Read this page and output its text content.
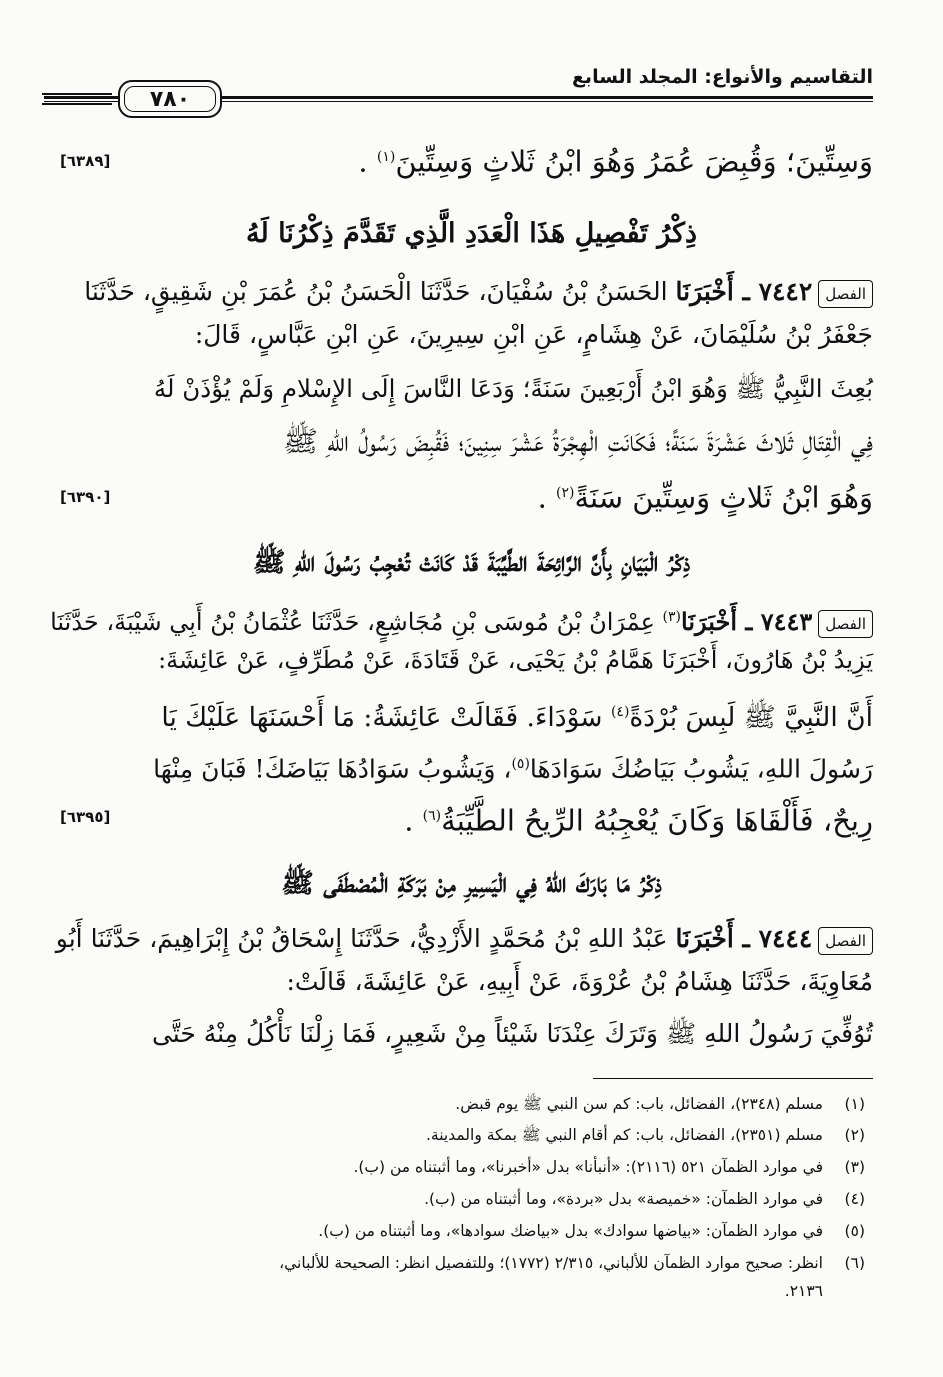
التقاسيم والأنواع: المجلد السابع
٧٨٠
وَسِتِّينَ؛ وَقُبِضَ عُمَرُ وَهُوَ ابْنُ ثَلاثٍ وَسِتِّينَ$^{(١)}$ .
[٦٣٨٩]
ذِكْرُ تَفْصِيلِ هَذَا الْعَدَدِ الَّذِي تَقَدَّمَ ذِكْرُنَا لَهُ
الفصل٧٤٤٢ ـ أَخْبَرَنَا الحَسَنُ بْنُ سُفْيَانَ، حَدَّثَنَا الْحَسَنُ بْنُ عُمَرَ بْنِ شَقِيقٍ، حَدَّثَنَا
جَعْفَرُ بْنُ سُلَيْمَانَ، عَنْ هِشَامٍ، عَنِ ابْنِ سِيرِينَ، عَنِ ابْنِ عَبَّاسٍ، قَالَ:
بُعِثَ النَّبِيُّ ﷺ وَهُوَ ابْنُ أَرْبَعِينَ سَنَةً؛ وَدَعَا النَّاسَ إِلَى الإِسْلامِ وَلَمْ يُؤْذَنْ لَهُ
فِي الْقِتَالِ ثَلاثَ عَشْرَةَ سَنَةً؛ فَكَانَتِ الْهِجْرَةُ عَشْرَ سِنِينَ؛ فَقُبِضَ رَسُولُ اللهِ ﷺ
وَهُوَ ابْنُ ثَلاثٍ وَسِتِّينَ سَنَةً$^{(٢)}$ .
[٦٣٩٠]
ذِكْرُ الْبَيَانِ بِأَنَّ الرَّائِحَةَ الطَّيِّبَةَ قَدْ كَانَتْ تُعْجِبُ رَسُولَ اللهِ ﷺ
الفصل٧٤٤٣ ـ أَخْبَرَنَا$^{(٣)}$ عِمْرَانُ بْنُ مُوسَى بْنِ مُجَاشِعٍ، حَدَّثَنَا عُثْمَانُ بْنُ أَبِي شَيْبَةَ، حَدَّثَنَا
يَزِيدُ بْنُ هَارُونَ، أَخْبَرَنَا هَمَّامُ بْنُ يَحْيَى، عَنْ قَتَادَةَ، عَنْ مُطَرِّفٍ، عَنْ عَائِشَةَ:
أَنَّ النَّبِيَّ ﷺ لَبِسَ بُرْدَةً$^{(٤)}$ سَوْدَاءَ. فَقَالَتْ عَائِشَةُ: مَا أَحْسَنَهَا عَلَيْكَ يَا
رَسُولَ اللهِ، يَشُوبُ بَيَاضُكَ سَوَادَهَا$^{(٥)}$، وَيَشُوبُ سَوَادُهَا بَيَاضَكَ! فَبَانَ مِنْهَا
رِيحٌ، فَأَلْقَاهَا وَكَانَ يُعْجِبُهُ الرِّيحُ الطَّيِّبَةُ$^{(٦)}$ .
[٦٣٩٥]
ذِكْرُ مَا بَارَكَ اللهُ فِي الْيَسِيرِ مِنْ بَرَكَةِ الْمُصْطَفَى ﷺ
الفصل٧٤٤٤ ـ أَخْبَرَنَا عَبْدُ اللهِ بْنُ مُحَمَّدٍ الأَزْدِيُّ، حَدَّثَنَا إِسْحَاقُ بْنُ إِبْرَاهِيمَ، حَدَّثَنَا أَبُو
مُعَاوِيَةَ، حَدَّثَنَا هِشَامُ بْنُ عُرْوَةَ، عَنْ أَبِيهِ، عَنْ عَائِشَةَ، قَالَتْ:
تُوُفِّيَ رَسُولُ اللهِ ﷺ وَتَرَكَ عِنْدَنَا شَيْئاً مِنْ شَعِيرٍ، فَمَا زِلْنَا نَأْكُلُ مِنْهُ حَتَّى
(١)مسلم (٢٣٤٨)، الفضائل، باب: كم سن النبي ﷺ يوم قبض.
(٢)مسلم (٢٣٥١)، الفضائل، باب: كم أقام النبي ﷺ بمكة والمدينة.
(٣)في موارد الظمآن ٥٢١ (٢١١٦): «أنبأنا» بدل «أخبرنا»، وما أثبتناه من (ب).
(٤)في موارد الظمآن: «خميصة» بدل «بردة»، وما أثبتناه من (ب).
(٥)في موارد الظمآن: «بياضها سوادك» بدل «بياضك سوادها»، وما أثبتناه من (ب).
(٦)انظر: صحيح موارد الظمآن للألباني، ٢/٣١٥ (١٧٧٢)؛ وللتفصيل انظر: الصحيحة للألباني،
٢١٣٦.
